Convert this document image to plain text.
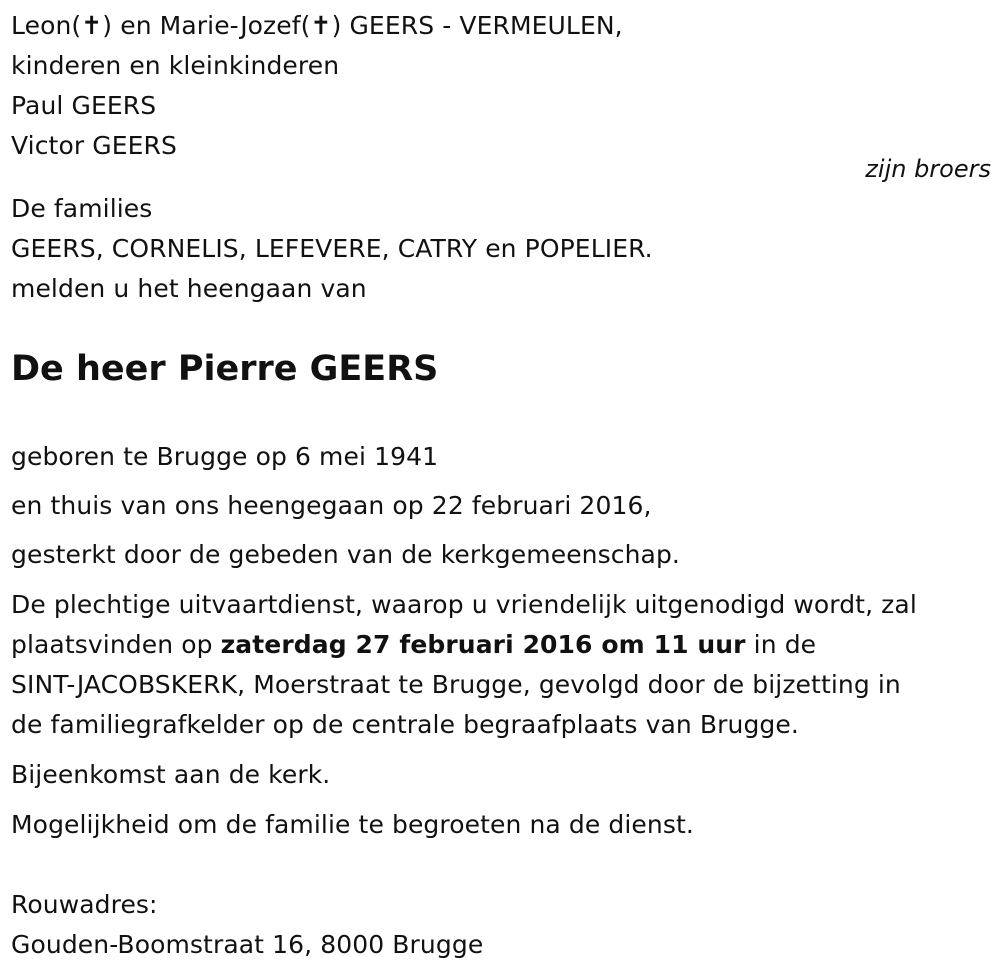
Leon(✝) en Marie-Jozef(✝) GEERS - VERMEULEN,
kinderen en kleinkinderen
Paul GEERS
Victor GEERS
zijn broers
De families
GEERS, CORNELIS, LEFEVERE, CATRY en POPELIER.
melden u het heengaan van
De heer Pierre GEERS
geboren te Brugge op 6 mei 1941
en thuis van ons heengegaan op 22 februari 2016,
gesterkt door de gebeden van de kerkgemeenschap.
De plechtige uitvaartdienst, waarop u vriendelijk uitgenodigd wordt, zal
plaatsvinden op zaterdag 27 februari 2016 om 11 uur in de
SINT-JACOBSKERK, Moerstraat te Brugge, gevolgd door de bijzetting in
de familiegrafkelder op de centrale begraafplaats van Brugge.
Bijeenkomst aan de kerk.
Mogelijkheid om de familie te begroeten na de dienst.
Rouwadres:
Gouden-Boomstraat 16, 8000 Brugge
